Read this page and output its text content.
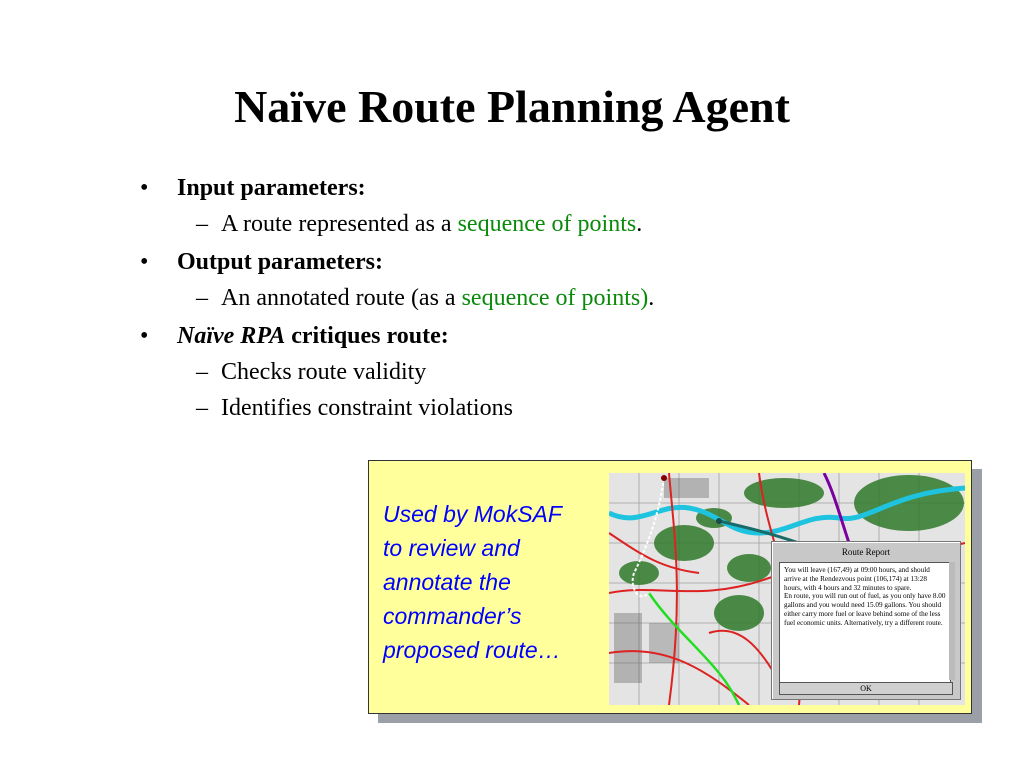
Naïve Route Planning Agent
• Input parameters:
– A route represented as a sequence of points.
• Output parameters:
– An annotated route (as a sequence of points).
• Naïve RPA critiques route:
– Checks route validity
– Identifies constraint violations
Used by MokSAF
to review and
annotate the
commander’s
proposed route…
Route Report

You will leave (167,49) at 09:00 hours, and should arrive at the Rendezvous point (106,174) at 13:28 hours, with 4 hours and 32 minutes to spare.

En route, you will run out of fuel, as you only have 8.00 gallons and you would need 15.09 gallons. You should either carry more fuel or leave behind some of the less fuel economic units. Alternatively, try a different route.

OK
